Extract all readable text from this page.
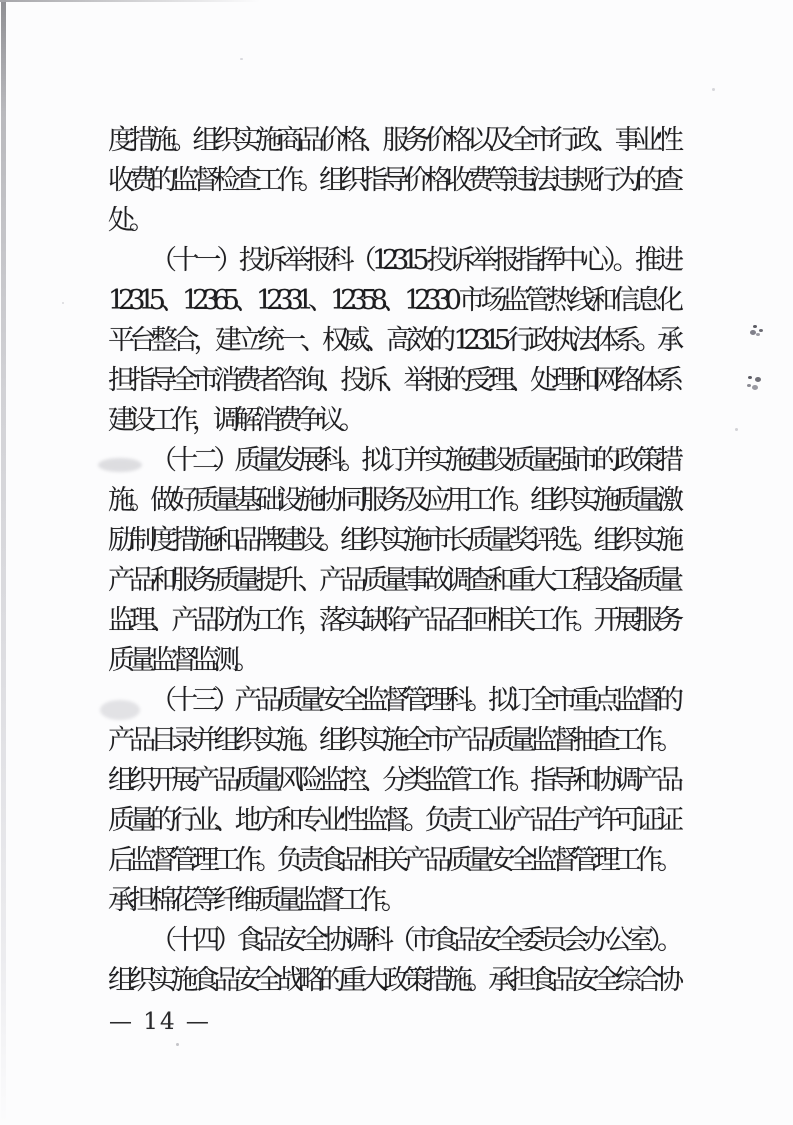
度措施。组织实施商品价格、服务价格以及全市行政、事业性
收费的监督检查工作。组织指导价格收费等违法违规行为的查
处。
（十一）投诉举报科（12315 投诉举报指挥中心）。推进
12315、12365、12331、12358、12330 市场监管热线和信息化
平台整合，建立统一、权威、高效的 12315 行政执法体系。承
担指导全市消费者咨询、投诉、举报的受理、处理和网络体系
建设工作，调解消费争议。
（十二）质量发展科。拟订并实施建设质量强市的政策措
施。做好质量基础设施协同服务及应用工作。组织实施质量激
励制度措施和品牌建设。组织实施市长质量奖评选。组织实施
产品和服务质量提升、产品质量事故调查和重大工程设备质量
监理、产品防伪工作，落实缺陷产品召回相关工作。开展服务
质量监督监测。
（十三）产品质量安全监督管理科。拟订全市重点监督的
产品目录并组织实施。组织实施全市产品质量监督抽查工作。
组织开展产品质量风险监控、分类监管工作。指导和协调产品
质量的行业、地方和专业性监督。负责工业产品生产许可证证
后监督管理工作。负责食品相关产品质量安全监督管理工作。
承担棉花等纤维质量监督工作。
（十四）食品安全协调科（市食品安全委员会办公室）。
组织实施食品安全战略的重大政策措施。承担食品安全综合协
— 14 —
